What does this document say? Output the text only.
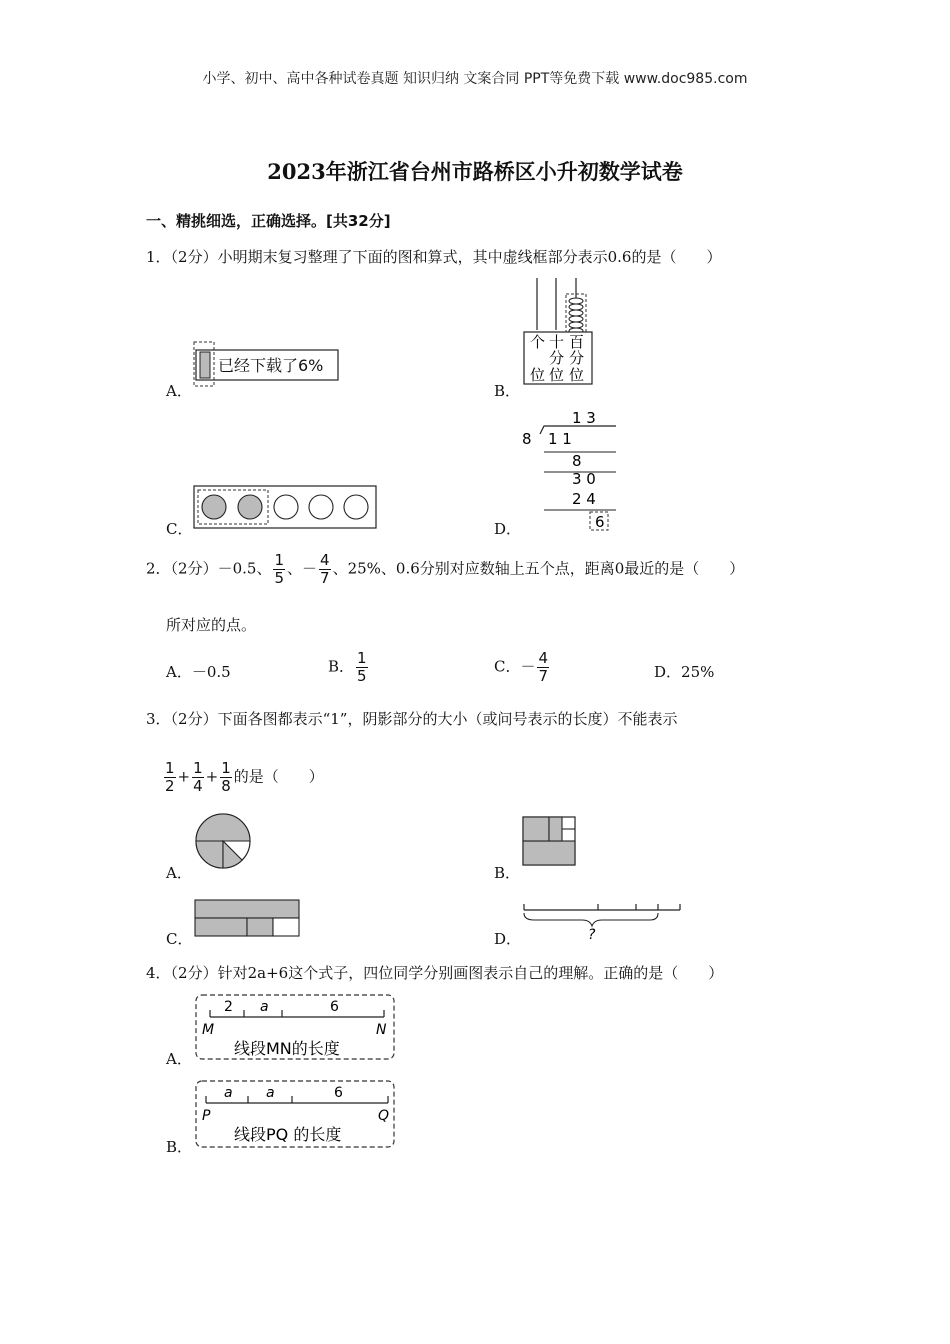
小学、初中、高中各种试卷真题 知识归纳 文案合同 PPT等免费下载 www.doc985.com
2023年浙江省台州市路桥区小升初数学试卷
一、精挑细选，正确选择。[共32分]
1．（2分）小明期末复习整理了下面的图和算式，其中虚线框部分表示0.6的是（　　）
A．
已经下载了6%
B．
个 十 百
分 分
位 位 位
C．	D．
8
1 3
1 1
8
3 0
2 4
6
2．（2分）－0.5、 $\frac{1}{5}$ 、－ $\frac{4}{7}$ 、25%、0.6分别对应数轴上五个点，距离0最近的是（　　）
所对应的点。
A．－0.5	B． $\frac{1}{5}$	C．－ $\frac{4}{7}$	D．25%
3．（2分）下面各图都表示“1”，阴影部分的大小（或问号表示的长度）不能表示
$\frac{1}{2} + \frac{1}{4} + \frac{1}{8}$ 的是（　　）
A．	B．
C．	D．	?
4．（2分）针对2a+6这个式子，四位同学分别画图表示自己的理解。正确的是（　　）
A．
2 a	6
M	N
线段MN的长度
B．
a a	6
P	Q
线段PQ 的长度
